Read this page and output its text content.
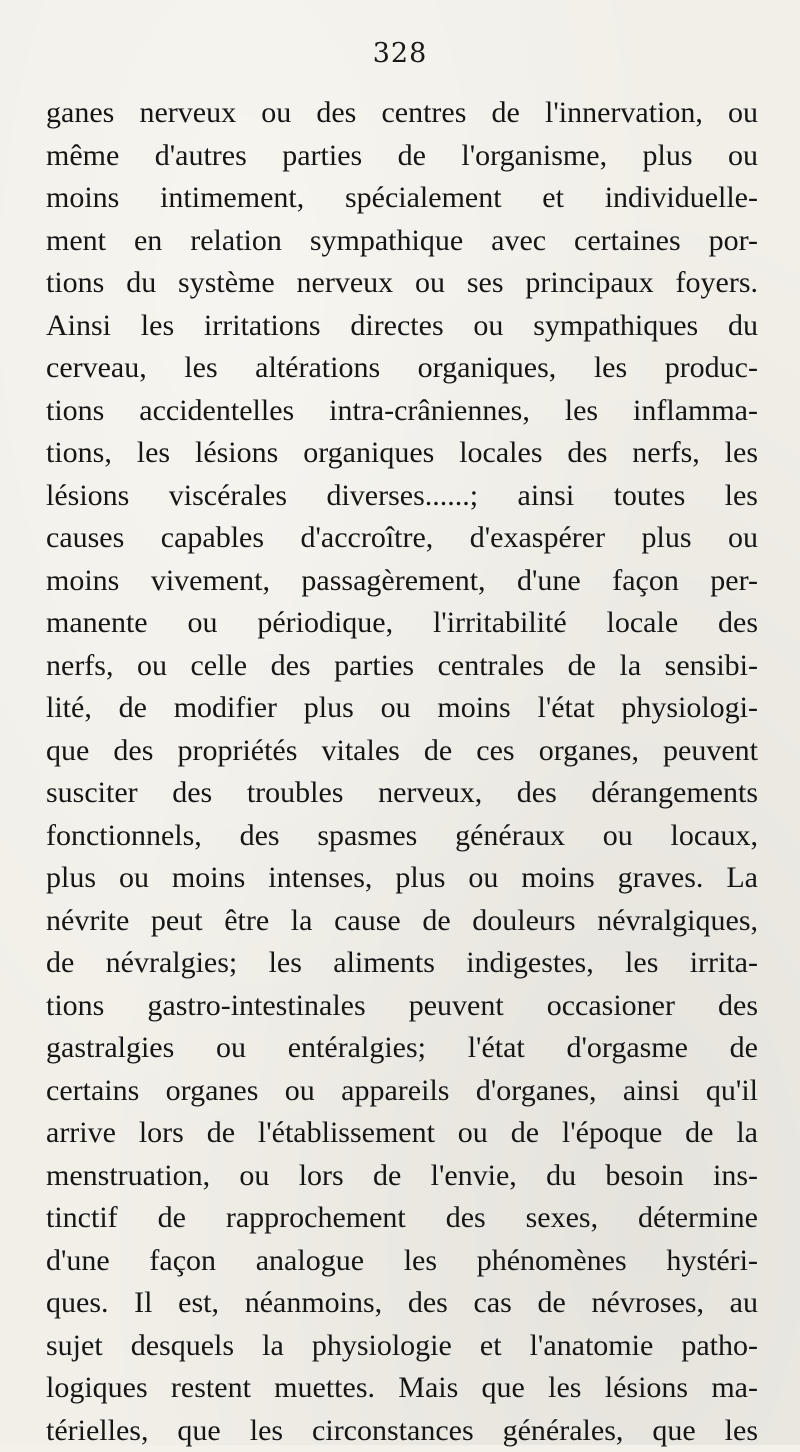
328
ganes nerveux ou des centres de l'innervation, ou
même d'autres parties de l'organisme, plus ou
moins intimement, spécialement et individuelle-
ment en relation sympathique avec certaines por-
tions du système nerveux ou ses principaux foyers.
Ainsi les irritations directes ou sympathiques du
cerveau, les altérations organiques, les produc-
tions accidentelles intra-crâniennes, les inflamma-
tions, les lésions organiques locales des nerfs, les
lésions viscérales diverses......; ainsi toutes les
causes capables d'accroître, d'exaspérer plus ou
moins vivement, passagèrement, d'une façon per-
manente ou périodique, l'irritabilité locale des
nerfs, ou celle des parties centrales de la sensibi-
lité, de modifier plus ou moins l'état physiologi-
que des propriétés vitales de ces organes, peuvent
susciter des troubles nerveux, des dérangements
fonctionnels, des spasmes généraux ou locaux,
plus ou moins intenses, plus ou moins graves. La
névrite peut être la cause de douleurs névralgiques,
de névralgies; les aliments indigestes, les irrita-
tions gastro-intestinales peuvent occasioner des
gastralgies ou entéralgies; l'état d'orgasme de
certains organes ou appareils d'organes, ainsi qu'il
arrive lors de l'établissement ou de l'époque de la
menstruation, ou lors de l'envie, du besoin ins-
tinctif de rapprochement des sexes, détermine
d'une façon analogue les phénomènes hystéri-
ques. Il est, néanmoins, des cas de névroses, au
sujet desquels la physiologie et l'anatomie patho-
logiques restent muettes. Mais que les lésions ma-
térielles, que les circonstances générales, que les
